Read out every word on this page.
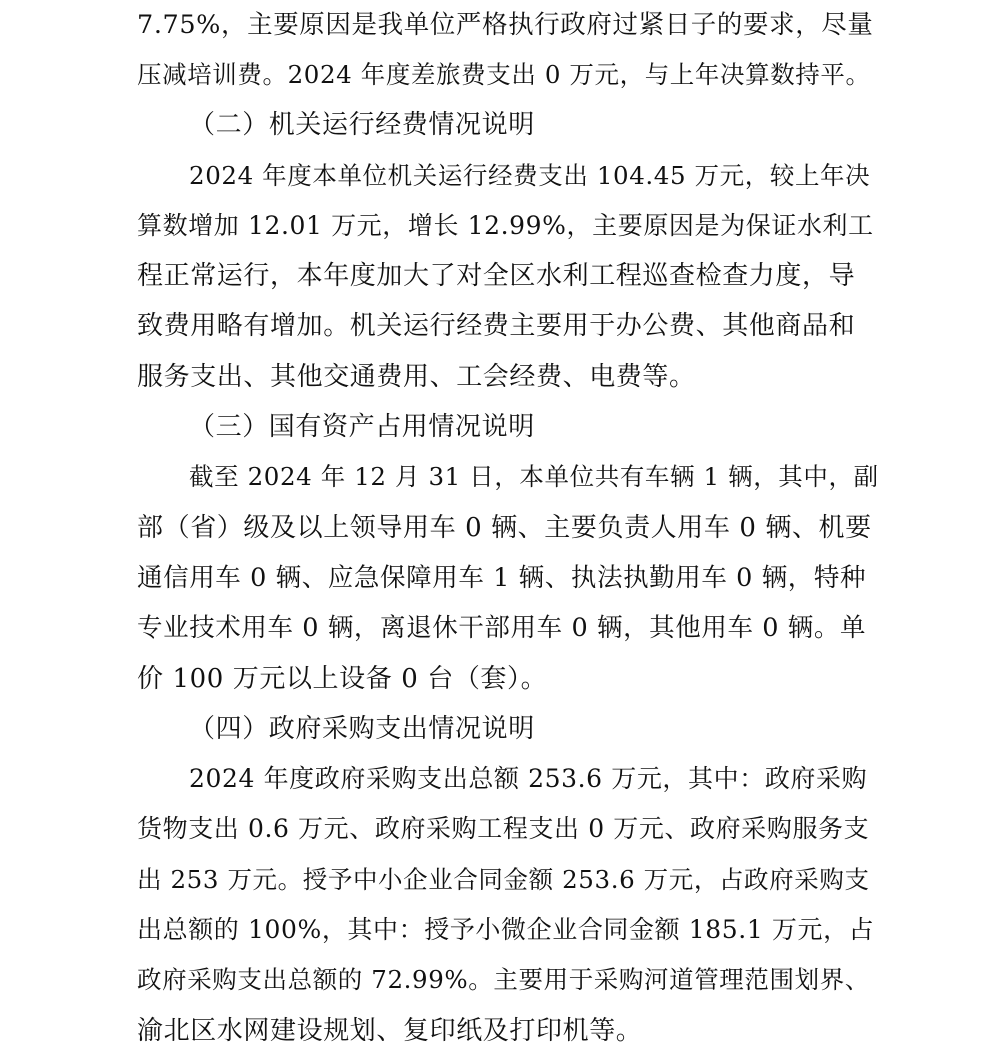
7.75%，主要原因是我单位严格执行政府过紧日子的要求，尽量
压减培训费。2024 年度差旅费支出 0 万元，与上年决算数持平。
（二）机关运行经费情况说明
2024 年度本单位机关运行经费支出 104.45 万元，较上年决
算数增加 12.01 万元，增长 12.99%，主要原因是为保证水利工
程正常运行，本年度加大了对全区水利工程巡查检查力度，导
致费用略有增加。机关运行经费主要用于办公费、其他商品和
服务支出、其他交通费用、工会经费、电费等。
（三）国有资产占用情况说明
截至 2024 年 12 月 31 日，本单位共有车辆 1 辆，其中，副
部（省）级及以上领导用车 0 辆、主要负责人用车 0 辆、机要
通信用车 0 辆、应急保障用车 1 辆、执法执勤用车 0 辆，特种
专业技术用车 0 辆，离退休干部用车 0 辆，其他用车 0 辆。单
价 100 万元以上设备 0 台（套）。
（四）政府采购支出情况说明
2024 年度政府采购支出总额 253.6 万元，其中：政府采购
货物支出 0.6 万元、政府采购工程支出 0 万元、政府采购服务支
出 253 万元。授予中小企业合同金额 253.6 万元，占政府采购支
出总额的 100%，其中：授予小微企业合同金额 185.1 万元，占
政府采购支出总额的 72.99%。主要用于采购河道管理范围划界、
渝北区水网建设规划、复印纸及打印机等。
